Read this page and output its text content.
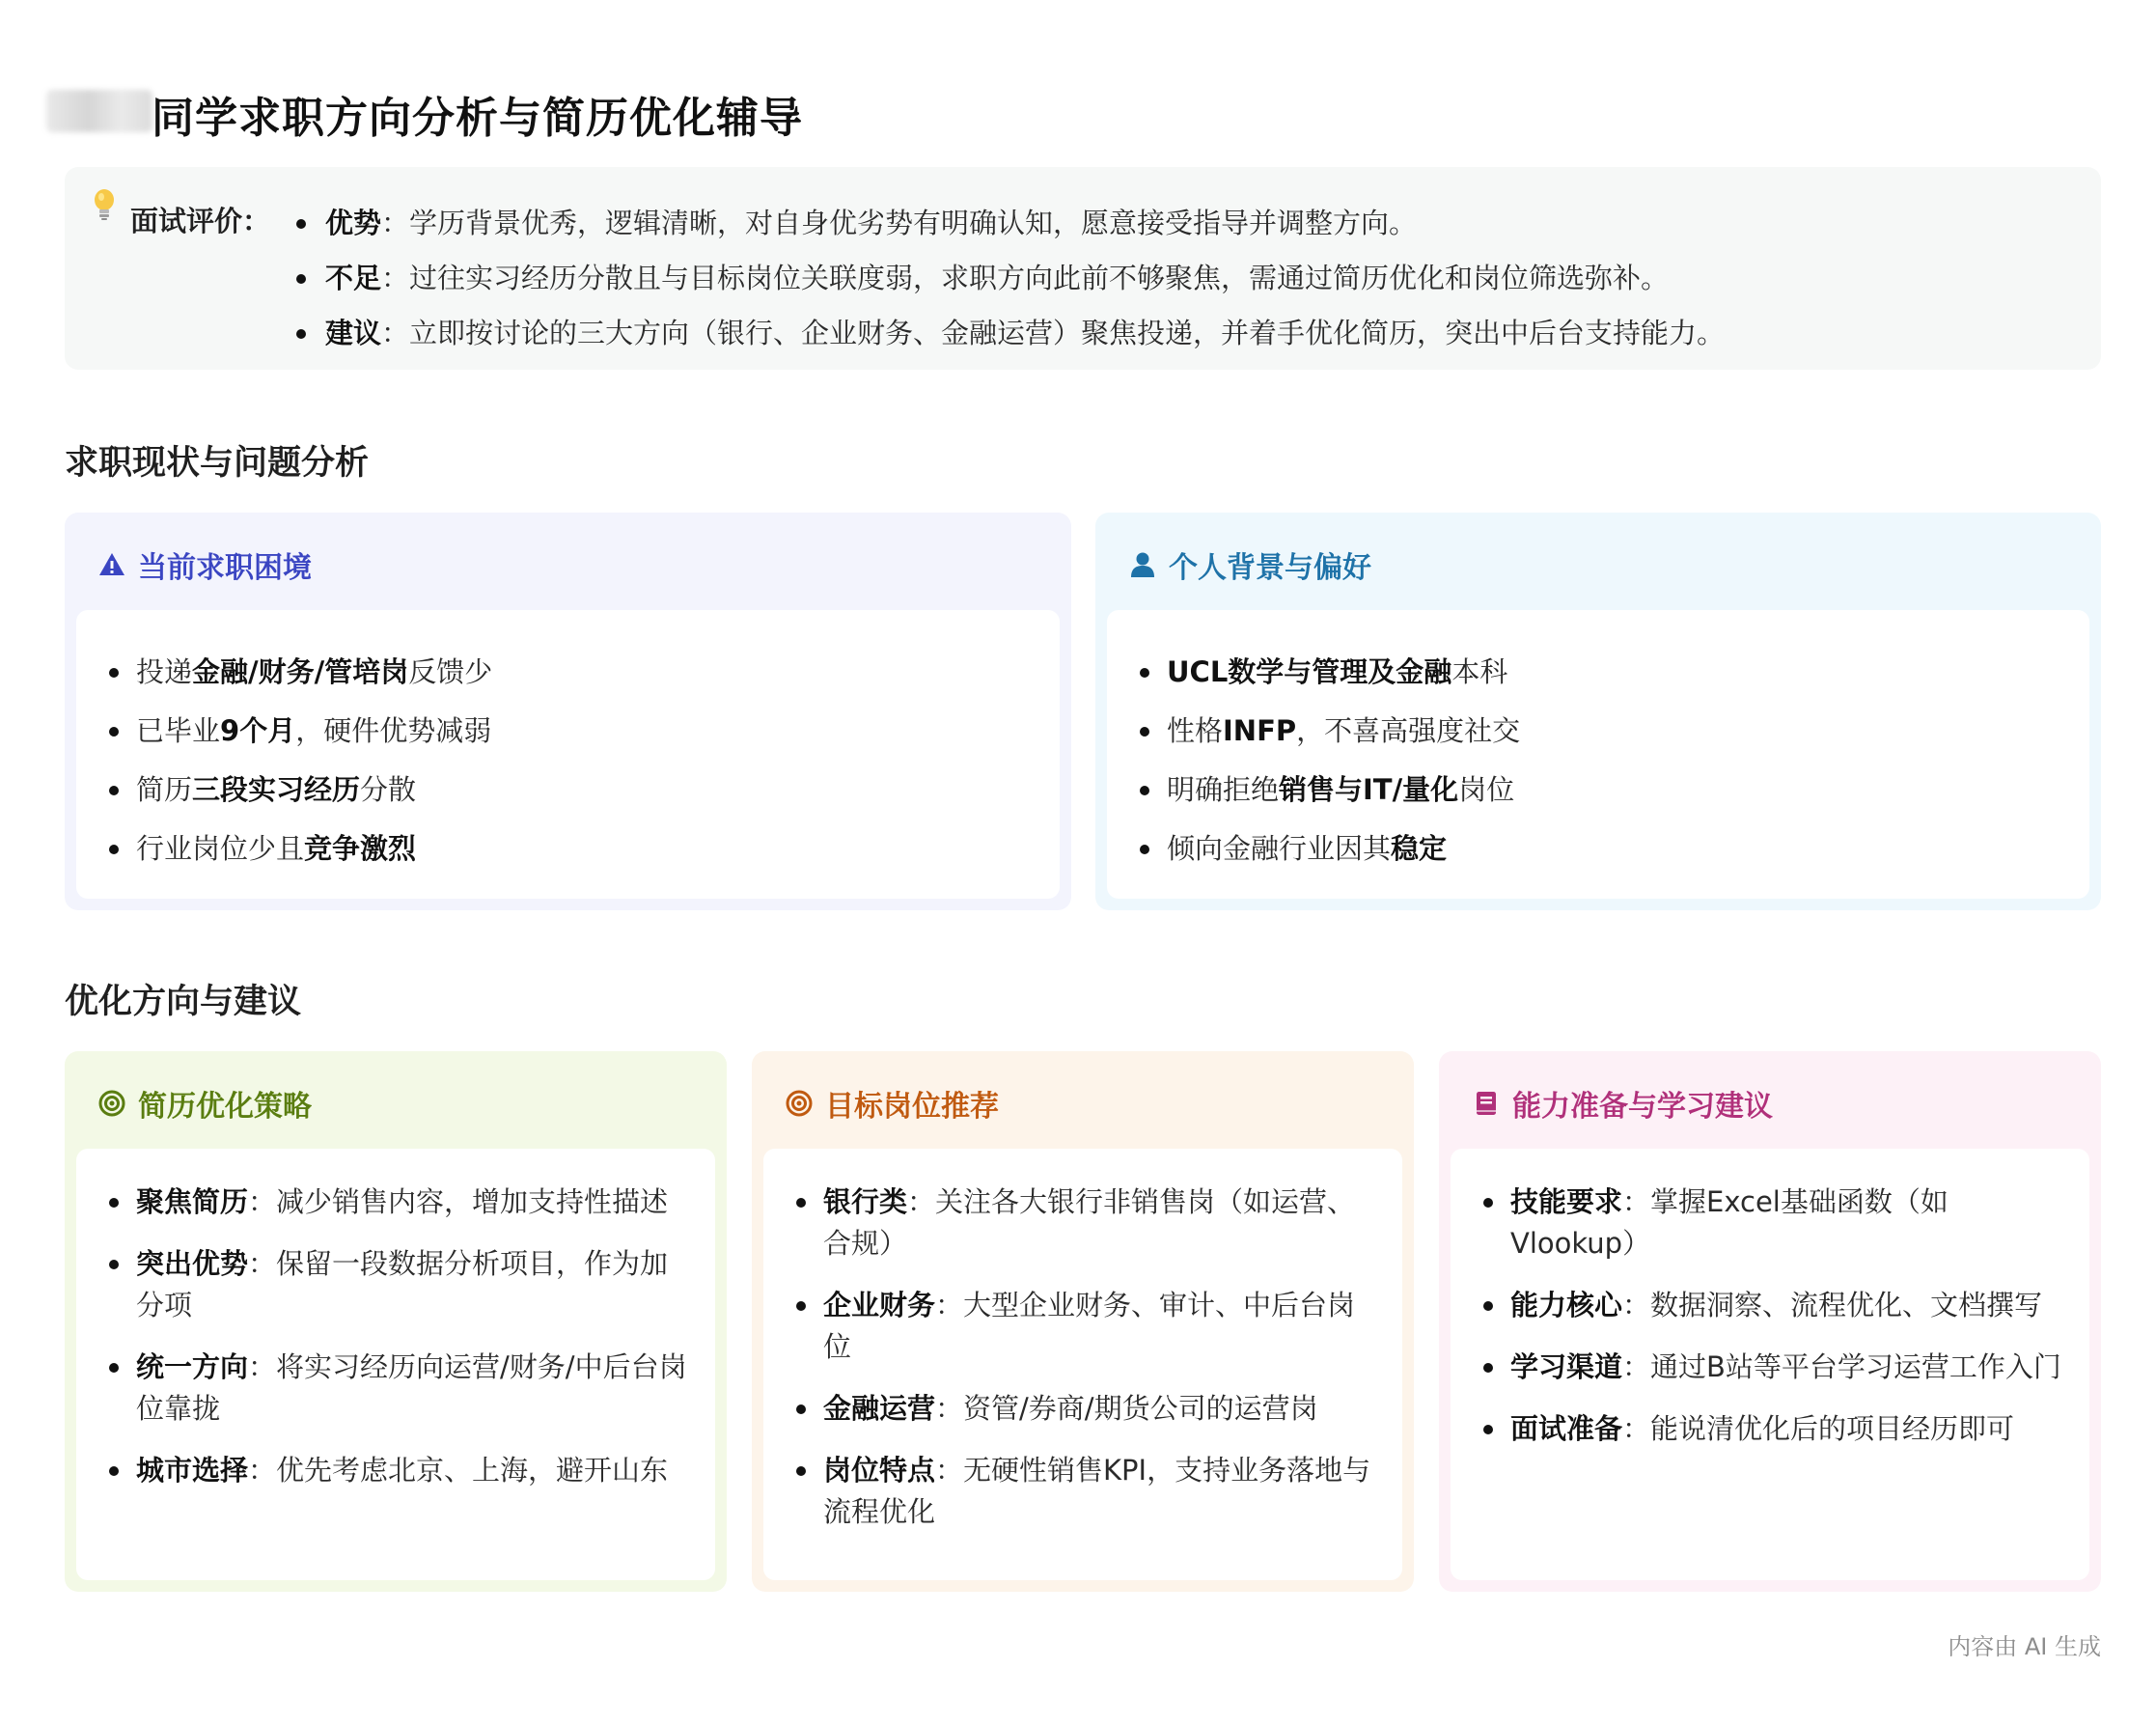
同学求职方向分析与简历优化辅导
面试评价：	优势：学历背景优秀，逻辑清晰，对自身优劣势有明确认知，愿意接受指导并调整方向。
不足：过往实习经历分散且与目标岗位关联度弱，求职方向此前不够聚焦，需通过简历优化和岗位筛选弥补。
建议：立即按讨论的三大方向（银行、企业财务、金融运营）聚焦投递，并着手优化简历，突出中后台支持能力。
求职现状与问题分析
当前求职困境
投递金融/财务/管培岗反馈少
已毕业9个月，硬件优势减弱
简历三段实习经历分散
行业岗位少且竞争激烈
个人背景与偏好
UCL数学与管理及金融本科
性格INFP，不喜高强度社交
明确拒绝销售与IT/量化岗位
倾向金融行业因其稳定
优化方向与建议
简历优化策略
聚焦简历：减少销售内容，增加支持性描述
突出优势：保留一段数据分析项目，作为加分项
统一方向：将实习经历向运营/财务/中后台岗位靠拢
城市选择：优先考虑北京、上海，避开山东
目标岗位推荐
银行类：关注各大银行非销售岗（如运营、合规）
企业财务：大型企业财务、审计、中后台岗位
金融运营：资管/券商/期货公司的运营岗
岗位特点：无硬性销售KPI，支持业务落地与流程优化
能力准备与学习建议
技能要求：掌握Excel基础函数（如Vlookup）
能力核心：数据洞察、流程优化、文档撰写
学习渠道：通过B站等平台学习运营工作入门
面试准备：能说清优化后的项目经历即可
内容由 AI 生成
